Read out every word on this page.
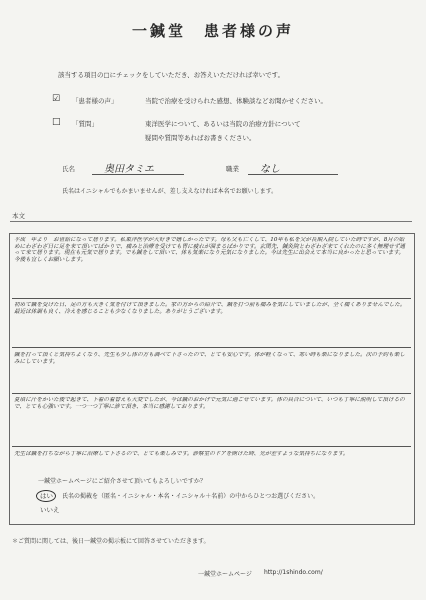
一鍼堂　患者様の声
該当する項目の□にチェックをしていただき、お答えいただければ幸いです。
☑ 「患者様の声」	当院で治療を受けられた感想、体験談などお聞かせください。
□ 「質問」	東洋医学について、あるいは当院の治療方針について
疑問や質問等あればお書きください。
氏名	奥田タミエ	職業 なし
氏名はイニシャルでもかまいませんが、差し支えなければ本名でお願いします。
本文
平成　年より　お世話になって居ります。私東洋医学が大好きで嬉しかったです。母も父も亡くして、10年も私を父が長期入院していた時ですが、8月の始めにわざわざ日に足を来て頂いてばかりで、痛みと治療を受けても胃に疲れが溜まるばかりです。玄関先、鍼灸院とわざわざ来てくれたのに多く無理せず通って来て居ります。現在も元気で居ります。でも鍼をして頂いて、体も気楽になり元気になりました。今は先生に出会えて本当に良かったと思っています。今後も宜しくお願いします。
初めて鍼を受けた日、足の方も大きく気を付けて頂きました。家の方からの紹介で、鍼を打つ前も痛みを気にしていましたが、全く痛くありませんでした。最近は体調も良く、冷えを感じることも少なくなりました。ありがとうございます。
鍼を打って頂くと気持ちよくなり、先生も少し体の方も調べて下さったので、とても安心です。体が軽くなって、寒い時も楽になりました。次の予約も楽しみにしています。
夏頃に汗をかいた後で起きて、下着の着替えも大変でしたが、今は鍼のおかげで元気に過ごせています。体の具合について、いつも丁寧に説明して頂けるので、とても心強いです。一つ一つ丁寧に診て頂き、本当に感謝しております。
先生は鍼を打ちながら丁寧に治療して下さるので、とても楽しみです。診察室のドアを開けた時、光が差すような気持ちになります。
一鍼堂ホームページにご紹介させて頂いてもよろしいですか？
はい 氏名の掲載を（匿名・イニシャル・本名・イニシャル＋名前）の中からひとつお選びください。
いいえ
＊ご質問に関しては、後日一鍼堂の掲示板にて回答させていただきます。
一鍼堂ホームページ http://1shindo.com/
